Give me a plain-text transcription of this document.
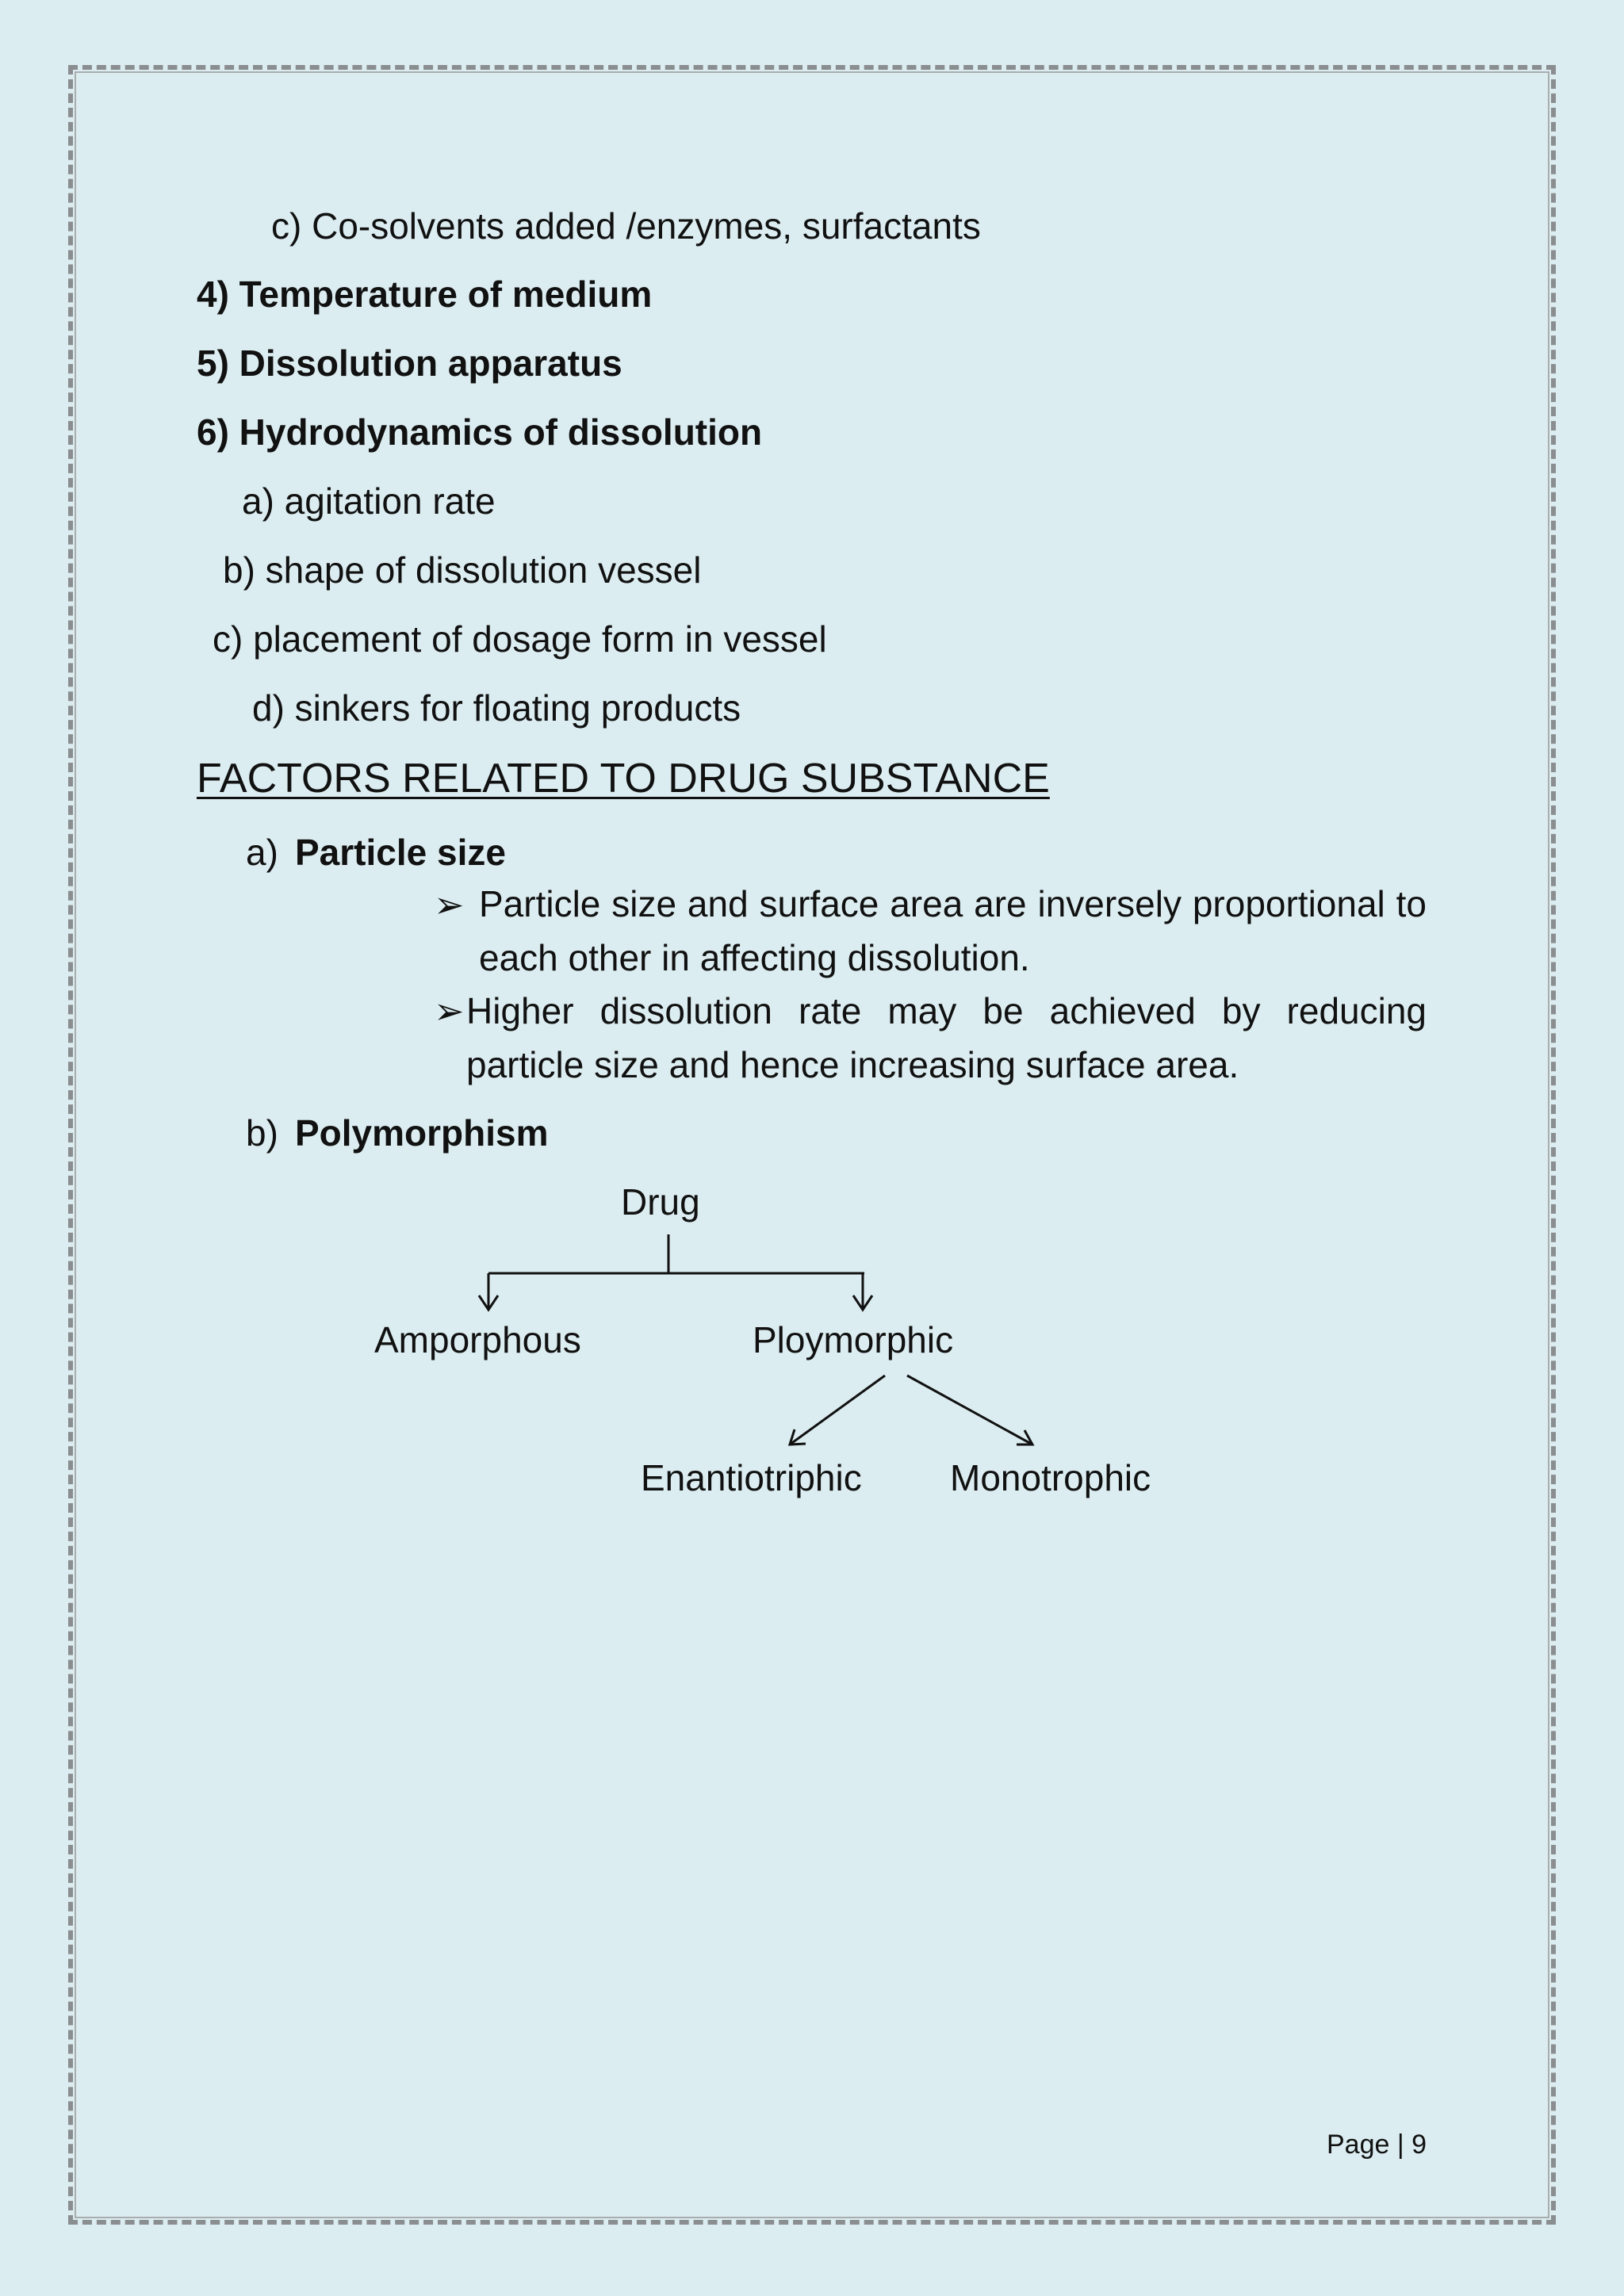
c) Co-solvents added /enzymes, surfactants
4) Temperature of medium
5) Dissolution apparatus
6) Hydrodynamics of dissolution
a) agitation rate
b) shape of dissolution vessel
c) placement of dosage form in vessel
d) sinkers for floating products
FACTORS RELATED TO DRUG SUBSTANCE
a) Particle size
➢ Particle size and surface area are inversely proportional to each other in affecting dissolution.
➢ Higher dissolution rate may be achieved by reducing particle size and hence increasing surface area.
b) Polymorphism
Drug
Amporphous	Ploymorphic
Enantiotriphic Monotrophic
Page | 9
